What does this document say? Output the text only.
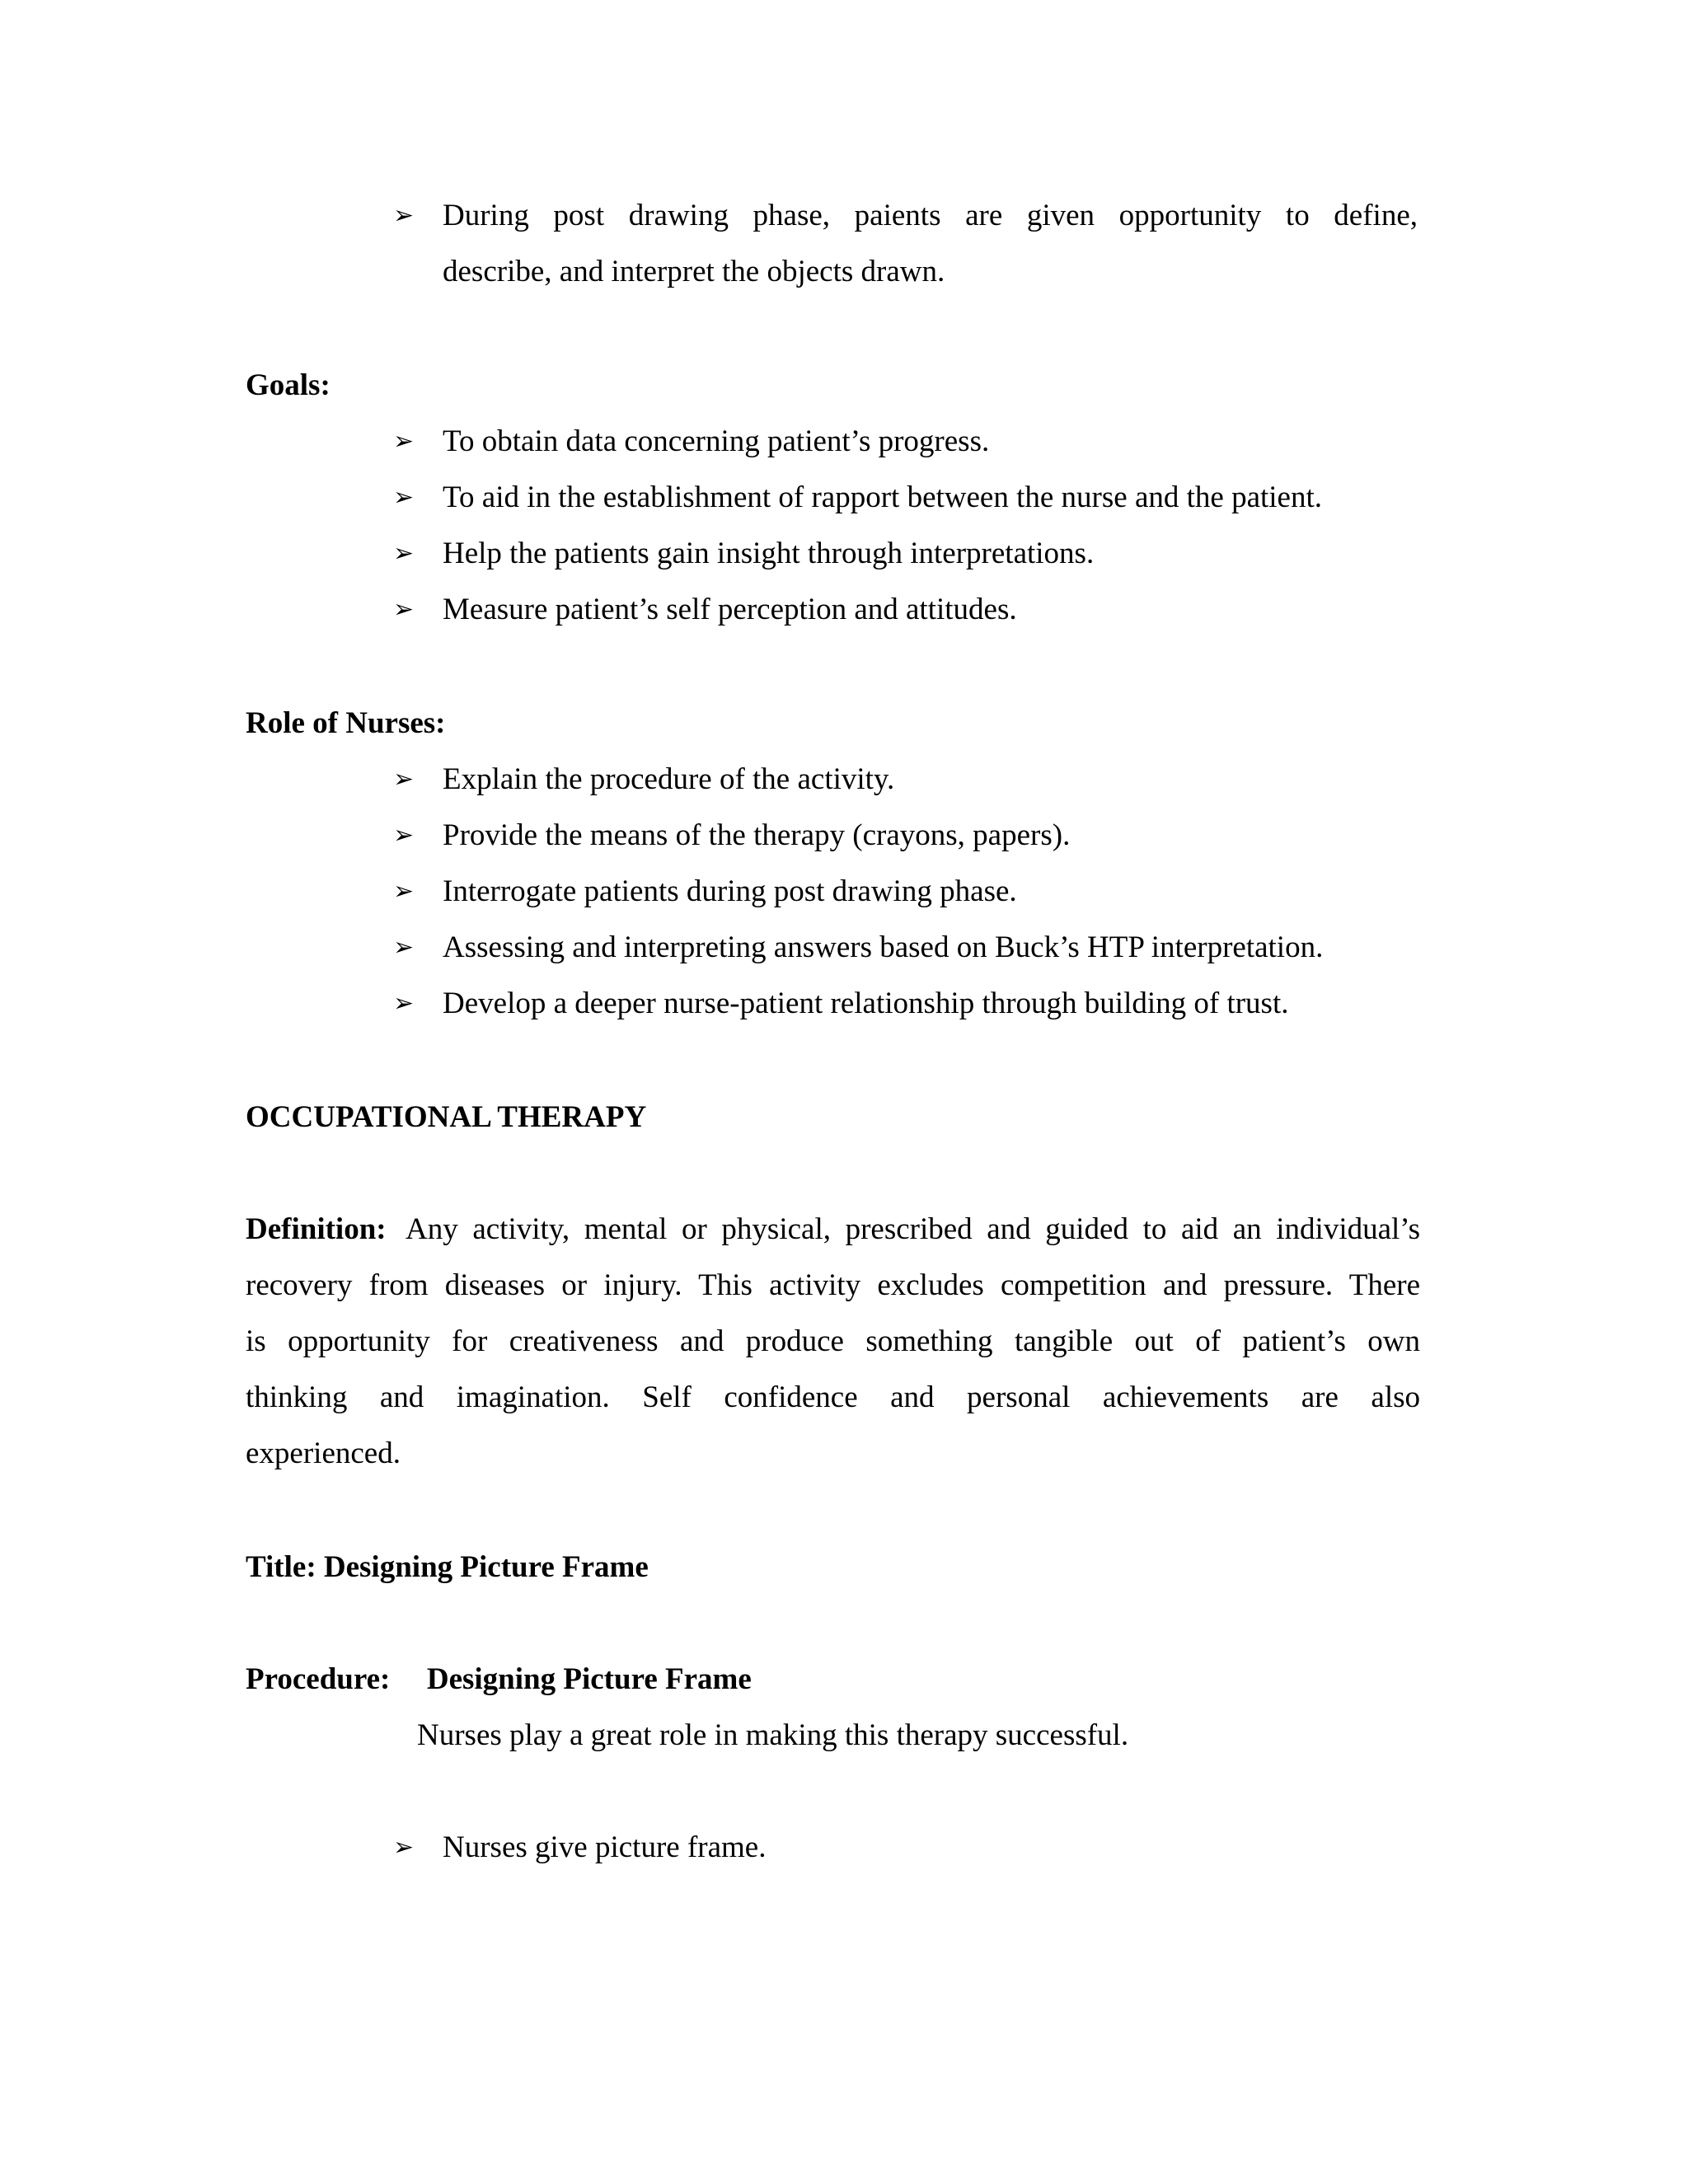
➢ During post drawing phase, paients are given opportunity to define,
describe, and interpret the objects drawn.
Goals:
➢ To obtain data concerning patient’s progress.
➢ To aid in the establishment of rapport between the nurse and the patient.
➢ Help the patients gain insight through interpretations.
➢ Measure patient’s self perception and attitudes.
Role of Nurses:
➢ Explain the procedure of the activity.
➢ Provide the means of the therapy (crayons, papers).
➢ Interrogate patients during post drawing phase.
➢ Assessing and interpreting answers based on Buck’s HTP interpretation.
➢ Develop a deeper nurse-patient relationship through building of trust.
OCCUPATIONAL THERAPY
Definition: Any activity, mental or physical, prescribed and guided to aid an individual’s
recovery from diseases or injury. This activity excludes competition and pressure. There
is opportunity for creativeness and produce something tangible out of patient’s own
thinking and imagination. Self confidence and personal achievements are also
experienced.
Title: Designing Picture Frame
Procedure: Designing Picture Frame
Nurses play a great role in making this therapy successful.
➢ Nurses give picture frame.
